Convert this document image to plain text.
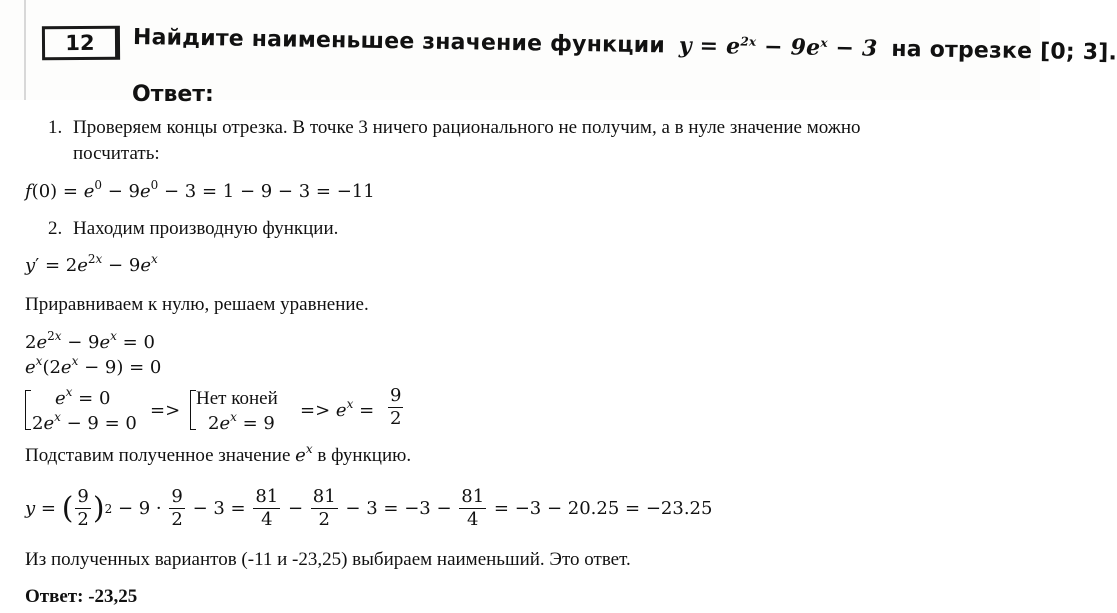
12 Найдите наименьшее значение функции $y = e^{2x} - 9e^x - 3$ на отрезке [0; 3].
Ответ:
1. Проверяем концы отрезка. В точке 3 ничего рационального не получим, а в нуле значение можно
посчитать:
$f(0) = e^0 - 9e^0 - 3 = 1 - 9 - 3 = -11$
2. Находим производную функции.
$y' = 2e^{2x} - 9e^x$
Приравниваем к нулю, решаем уравнение.
$2e^{2x} - 9e^x = 0$
$e^x(2e^x - 9) = 0$
$e^x = 0$
$2e^x - 9 = 0$
=>
Нет коней
$2e^x = 9$
=> $e^x = \frac{9}{2}$
Подставим полученное значение $e^x$ в функцию.
y = ( $\frac{9}{2}$ ) $2 - 9 \cdot \frac{9}{2} - 3 = \frac{81}{4} - \frac{81}{2} - 3 = -3 - \frac{81}{4} = -3 - 20.25 = -23.25$
Из полученных вариантов (-11 и -23,25) выбираем наименьший. Это ответ.
Ответ: -23,25
